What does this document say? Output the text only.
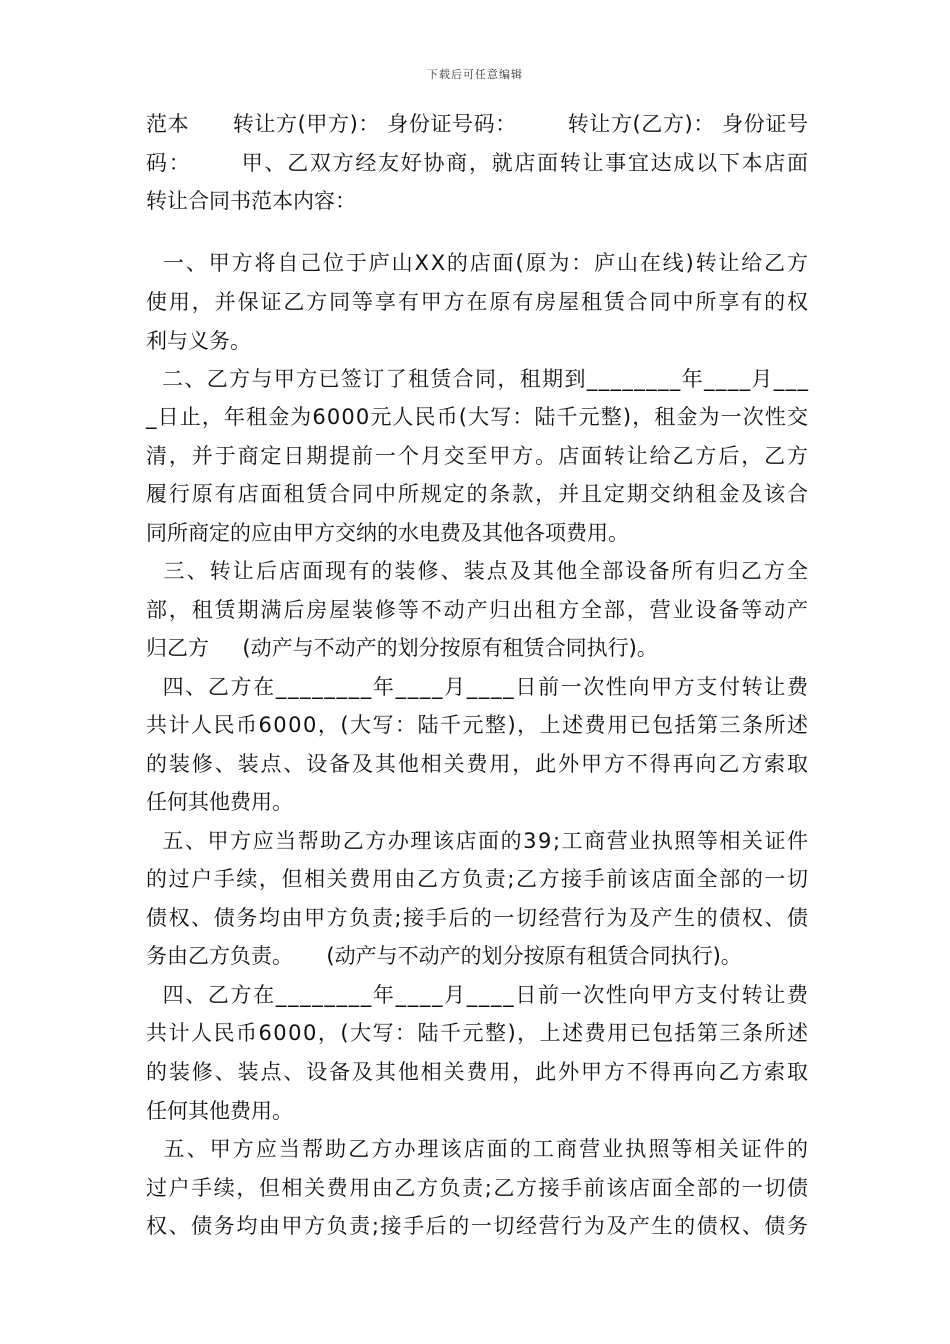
下载后可任意编辑
范本      转让方(甲方)： 身份证号码：       转让方(乙方)： 身份证号
码：      甲、乙双方经友好协商，就店面转让事宜达成以下本店面
转让合同书范本内容：
一、甲方将自己位于庐山XX的店面(原为：庐山在线)转让给乙方
使用，并保证乙方同等享有甲方在原有房屋租赁合同中所享有的权
利与义务。
二、乙方与甲方已签订了租赁合同，租期到________年____月___
_日止，年租金为6000元人民币(大写：陆千元整)，租金为一次性交
清，并于商定日期提前一个月交至甲方。店面转让给乙方后，乙方
履行原有店面租赁合同中所规定的条款，并且定期交纳租金及该合
同所商定的应由甲方交纳的水电费及其他各项费用。
三、转让后店面现有的装修、装点及其他全部设备所有归乙方全
部，租赁期满后房屋装修等不动产归出租方全部，营业设备等动产
归乙方     (动产与不动产的划分按原有租赁合同执行)。
四、乙方在________年____月____日前一次性向甲方支付转让费
共计人民币6000，(大写：陆千元整)，上述费用已包括第三条所述
的装修、装点、设备及其他相关费用，此外甲方不得再向乙方索取
任何其他费用。
五、甲方应当帮助乙方办理该店面的39;工商营业执照等相关证件
的过户手续，但相关费用由乙方负责;乙方接手前该店面全部的一切
债权、债务均由甲方负责;接手后的一切经营行为及产生的债权、债
务由乙方负责。     (动产与不动产的划分按原有租赁合同执行)。
四、乙方在________年____月____日前一次性向甲方支付转让费
共计人民币6000，(大写：陆千元整)，上述费用已包括第三条所述
的装修、装点、设备及其他相关费用，此外甲方不得再向乙方索取
任何其他费用。
五、甲方应当帮助乙方办理该店面的工商营业执照等相关证件的
过户手续，但相关费用由乙方负责;乙方接手前该店面全部的一切债
权、债务均由甲方负责;接手后的一切经营行为及产生的债权、债务
